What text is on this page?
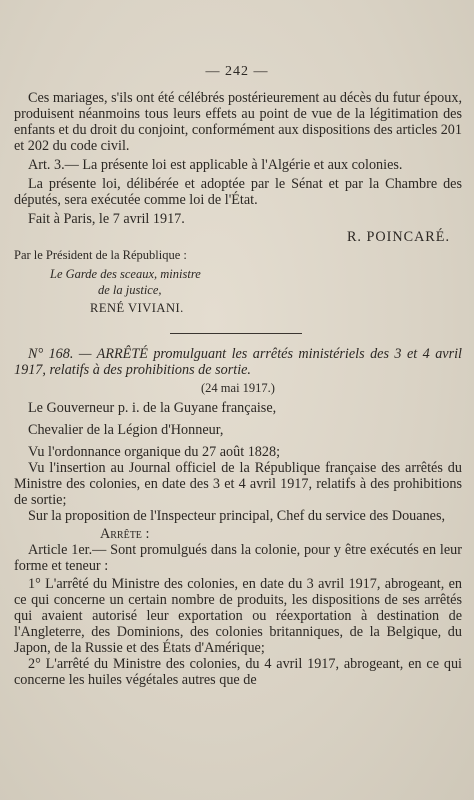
— 242 —

Ces mariages, s'ils ont été célébrés postérieurement au décès du futur époux, produisent néanmoins tous leurs effets au point de vue de la légitimation des enfants et du droit du conjoint, conformément aux dispositions des articles 201 et 202 du code civil.

Art. 3.— La présente loi est applicable à l'Algérie et aux colonies.

La présente loi, délibérée et adoptée par le Sénat et par la Chambre des députés, sera exécutée comme loi de l'État.

Fait à Paris, le 7 avril 1917.

R. POINCARÉ.

Par le Président de la République :

Le Garde des sceaux, ministre

de la justice,

RENÉ VIVIANI.

N° 168. — ARRÊTÉ promulguant les arrêtés ministériels des 3 et 4 avril 1917, relatifs à des prohibitions de sortie.

(24 mai 1917.)

Le Gouverneur p. i. de la Guyane française,

Chevalier de la Légion d'Honneur,

Vu l'ordonnance organique du 27 août 1828;

Vu l'insertion au Journal officiel de la République française des arrêtés du Ministre des colonies, en date des 3 et 4 avril 1917, relatifs à des prohibitions de sortie;

Sur la proposition de l'Inspecteur principal, Chef du service des Douanes,

Arrête :

Article 1er.— Sont promulgués dans la colonie, pour y être exécutés en leur forme et teneur :

1° L'arrêté du Ministre des colonies, en date du 3 avril 1917, abrogeant, en ce qui concerne un certain nombre de produits, les dispositions de ses arrêtés qui avaient autorisé leur exportation ou réexportation à destination de l'Angleterre, des Dominions, des colonies britanniques, de la Belgique, du Japon, de la Russie et des États d'Amérique;

2° L'arrêté du Ministre des colonies, du 4 avril 1917, abrogeant, en ce qui concerne les huiles végétales autres que de
